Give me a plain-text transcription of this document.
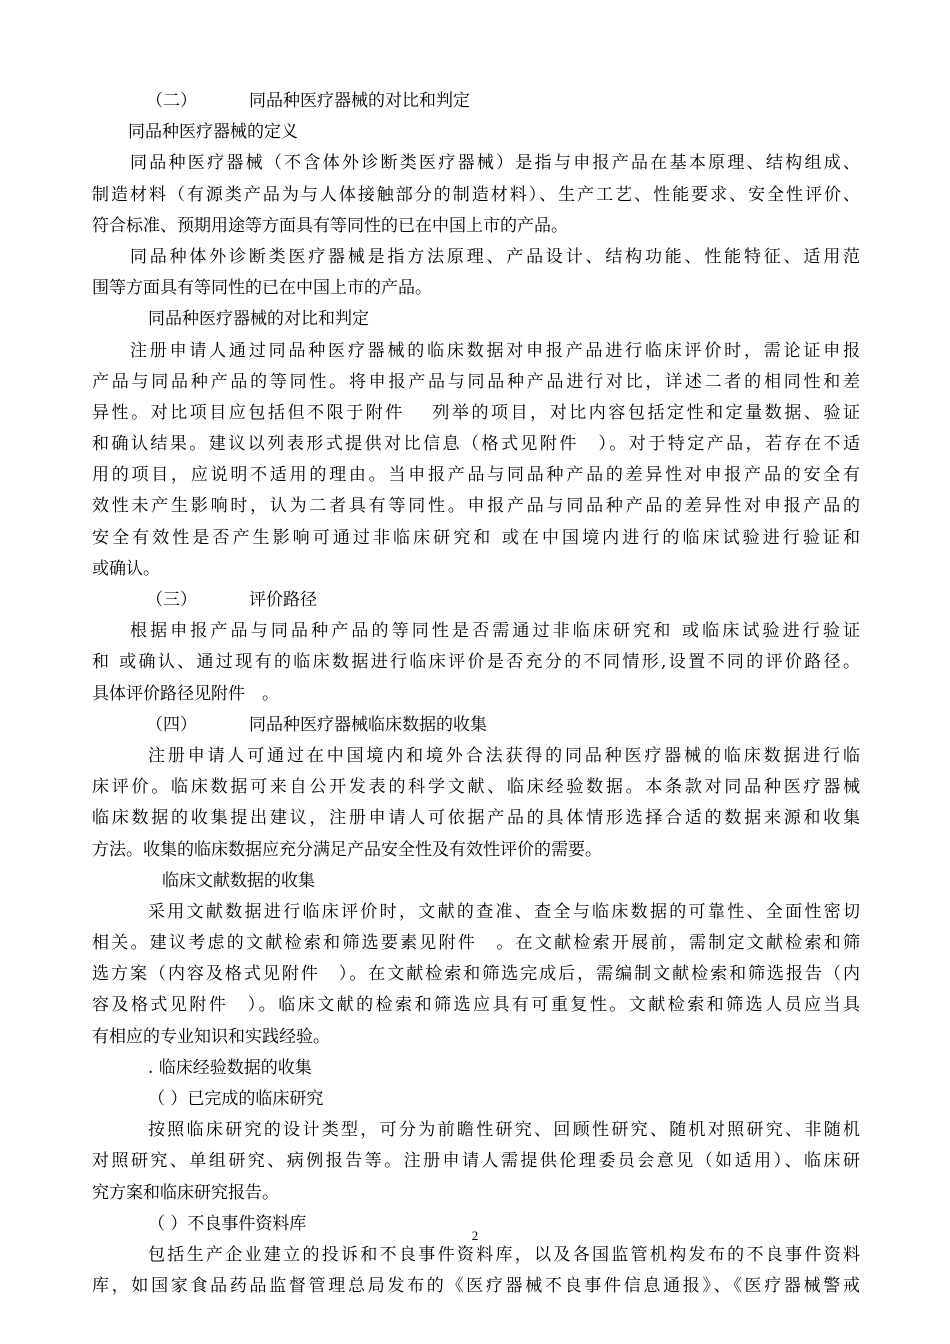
（二）	同品种医疗器械的对比和判定
同品种医疗器械的定义
同品种医疗器械（不含体外诊断类医疗器械）是指与申报产品在基本原理、结构组成、
制造材料（有源类产品为与人体接触部分的制造材料）、生产工艺、性能要求、安全性评价、
符合标准、预期用途等方面具有等同性的已在中国上市的产品。
同品种体外诊断类医疗器械是指方法原理、产品设计、结构功能、性能特征、适用范
围等方面具有等同性的已在中国上市的产品。
同品种医疗器械的对比和判定
注册申请人通过同品种医疗器械的临床数据对申报产品进行临床评价时，需论证申报
产品与同品种产品的等同性。将申报产品与同品种产品进行对比，详述二者的相同性和差
异性。对比项目应包括但不限于附件　 列举的项目，对比内容包括定性和定量数据、验证
和确认结果。建议以列表形式提供对比信息（格式见附件　）。对于特定产品，若存在不适
用的项目，应说明不适用的理由。当申报产品与同品种产品的差异性对申报产品的安全有
效性未产生影响时，认为二者具有等同性。申报产品与同品种产品的差异性对申报产品的
安全有效性是否产生影响可通过非临床研究和 或在中国境内进行的临床试验进行验证和
或确认。
（三）	评价路径
根据申报产品与同品种产品的等同性是否需通过非临床研究和 或临床试验进行验证
和 或确认、通过现有的临床数据进行临床评价是否充分的不同情形,设置不同的评价路径。
具体评价路径见附件　。
（四）	同品种医疗器械临床数据的收集
注册申请人可通过在中国境内和境外合法获得的同品种医疗器械的临床数据进行临
床评价。临床数据可来自公开发表的科学文献、临床经验数据。本条款对同品种医疗器械
临床数据的收集提出建议，注册申请人可依据产品的具体情形选择合适的数据来源和收集
方法。收集的临床数据应充分满足产品安全性及有效性评价的需要。
临床文献数据的收集
采用文献数据进行临床评价时，文献的查准、查全与临床数据的可靠性、全面性密切
相关。建议考虑的文献检索和筛选要素见附件　。在文献检索开展前，需制定文献检索和筛
选方案（内容及格式见附件　）。在文献检索和筛选完成后，需编制文献检索和筛选报告（内
容及格式见附件　）。临床文献的检索和筛选应具有可重复性。文献检索和筛选人员应当具
有相应的专业知识和实践经验。
. 临床经验数据的收集
（ ）已完成的临床研究
按照临床研究的设计类型，可分为前瞻性研究、回顾性研究、随机对照研究、非随机
对照研究、单组研究、病例报告等。注册申请人需提供伦理委员会意见（如适用）、临床研
究方案和临床研究报告。
（ ）不良事件资料库
包括生产企业建立的投诉和不良事件资料库，以及各国监管机构发布的不良事件资料
库，如国家食品药品监督管理总局发布的《医疗器械不良事件信息通报》、《医疗器械警戒
2
